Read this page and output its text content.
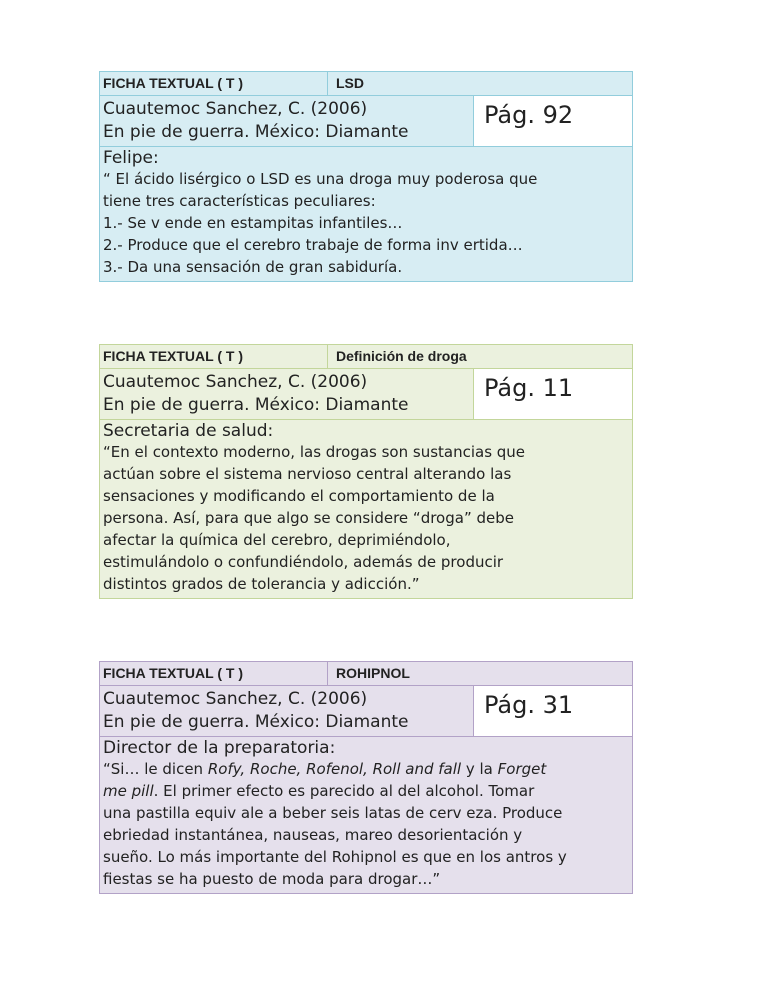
FICHA TEXTUAL ( T )	LSD
Cuautemoc Sanchez, C. (2006)
En pie de guerra. México: Diamante
Pág. 92
Felipe:
“ El ácido lisérgico o LSD es una droga muy poderosa que
tiene tres características peculiares:
1.- Se v ende en estampitas infantiles…
2.- Produce que el cerebro trabaje de forma inv ertida…
3.- Da una sensación de gran sabiduría.
FICHA TEXTUAL ( T )	Definición de droga
Cuautemoc Sanchez, C. (2006)
En pie de guerra. México: Diamante
Pág. 11
Secretaria de salud:
“En el contexto moderno, las drogas son sustancias que
actúan sobre el sistema nervioso central alterando las
sensaciones y modificando el comportamiento de la
persona. Así, para que algo se considere “droga” debe
afectar la química del cerebro, deprimiéndolo,
estimulándolo o confundiéndolo, además de producir
distintos grados de tolerancia y adicción.”
FICHA TEXTUAL ( T )	ROHIPNOL
Cuautemoc Sanchez, C. (2006)
En pie de guerra. México: Diamante
Pág. 31
Director de la preparatoria:
“Si… le dicen Rofy, Roche, Rofenol, Roll and fall y la Forget
me pill. El primer efecto es parecido al del alcohol. Tomar
una pastilla equiv ale a beber seis latas de cerv eza. Produce
ebriedad instantánea, nauseas, mareo desorientación y
sueño. Lo más importante del Rohipnol es que en los antros y
fiestas se ha puesto de moda para drogar…”
